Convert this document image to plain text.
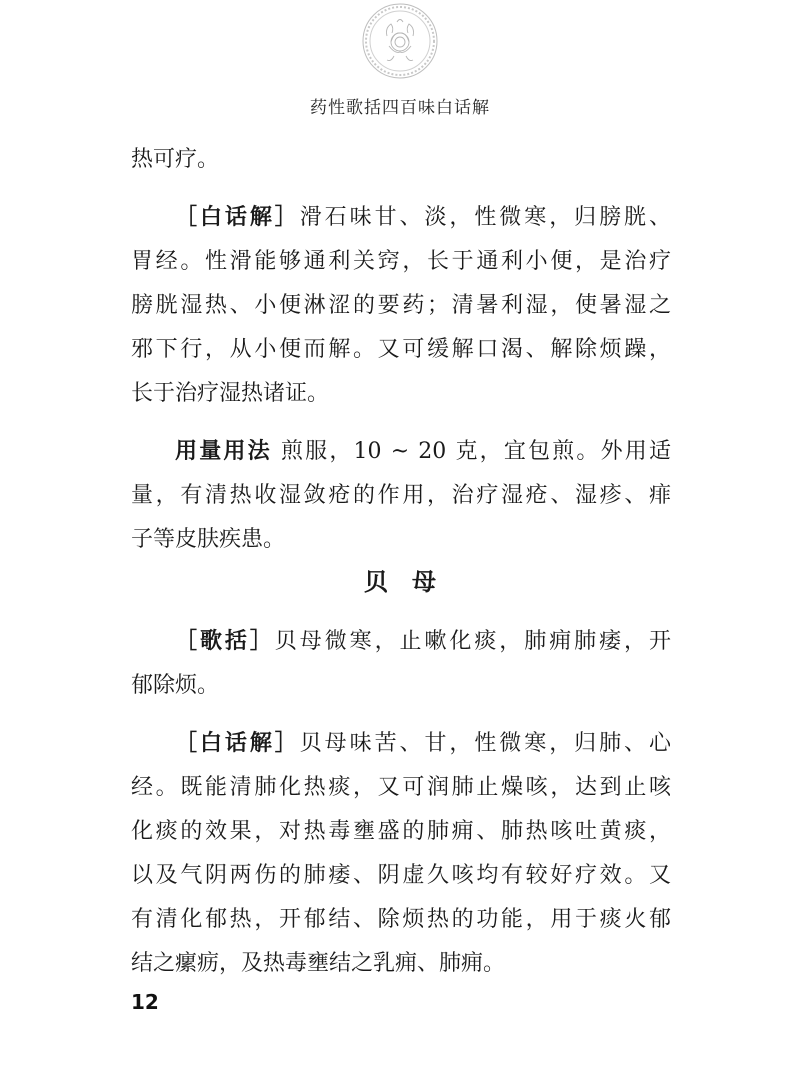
药性歌括四百味白话解
热可疗。
［白话解］滑石味甘、淡，性微寒，归膀胱、
胃经。性滑能够通利关窍，长于通利小便，是治疗
膀胱湿热、小便淋涩的要药；清暑利湿，使暑湿之
邪下行，从小便而解。又可缓解口渴、解除烦躁，
长于治疗湿热诸证。
用量用法 煎服，10 ~ 20 克，宜包煎。外用适
量，有清热收湿敛疮的作用，治疗湿疮、湿疹、痱
子等皮肤疾患。
贝母
［歌括］贝母微寒，止嗽化痰，肺痈肺痿，开
郁除烦。
［白话解］贝母味苦、甘，性微寒，归肺、心
经。既能清肺化热痰，又可润肺止燥咳，达到止咳
化痰的效果，对热毒壅盛的肺痈、肺热咳吐黄痰，
以及气阴两伤的肺痿、阴虚久咳均有较好疗效。又
有清化郁热，开郁结、除烦热的功能，用于痰火郁
结之瘰疬，及热毒壅结之乳痈、肺痈。
12
